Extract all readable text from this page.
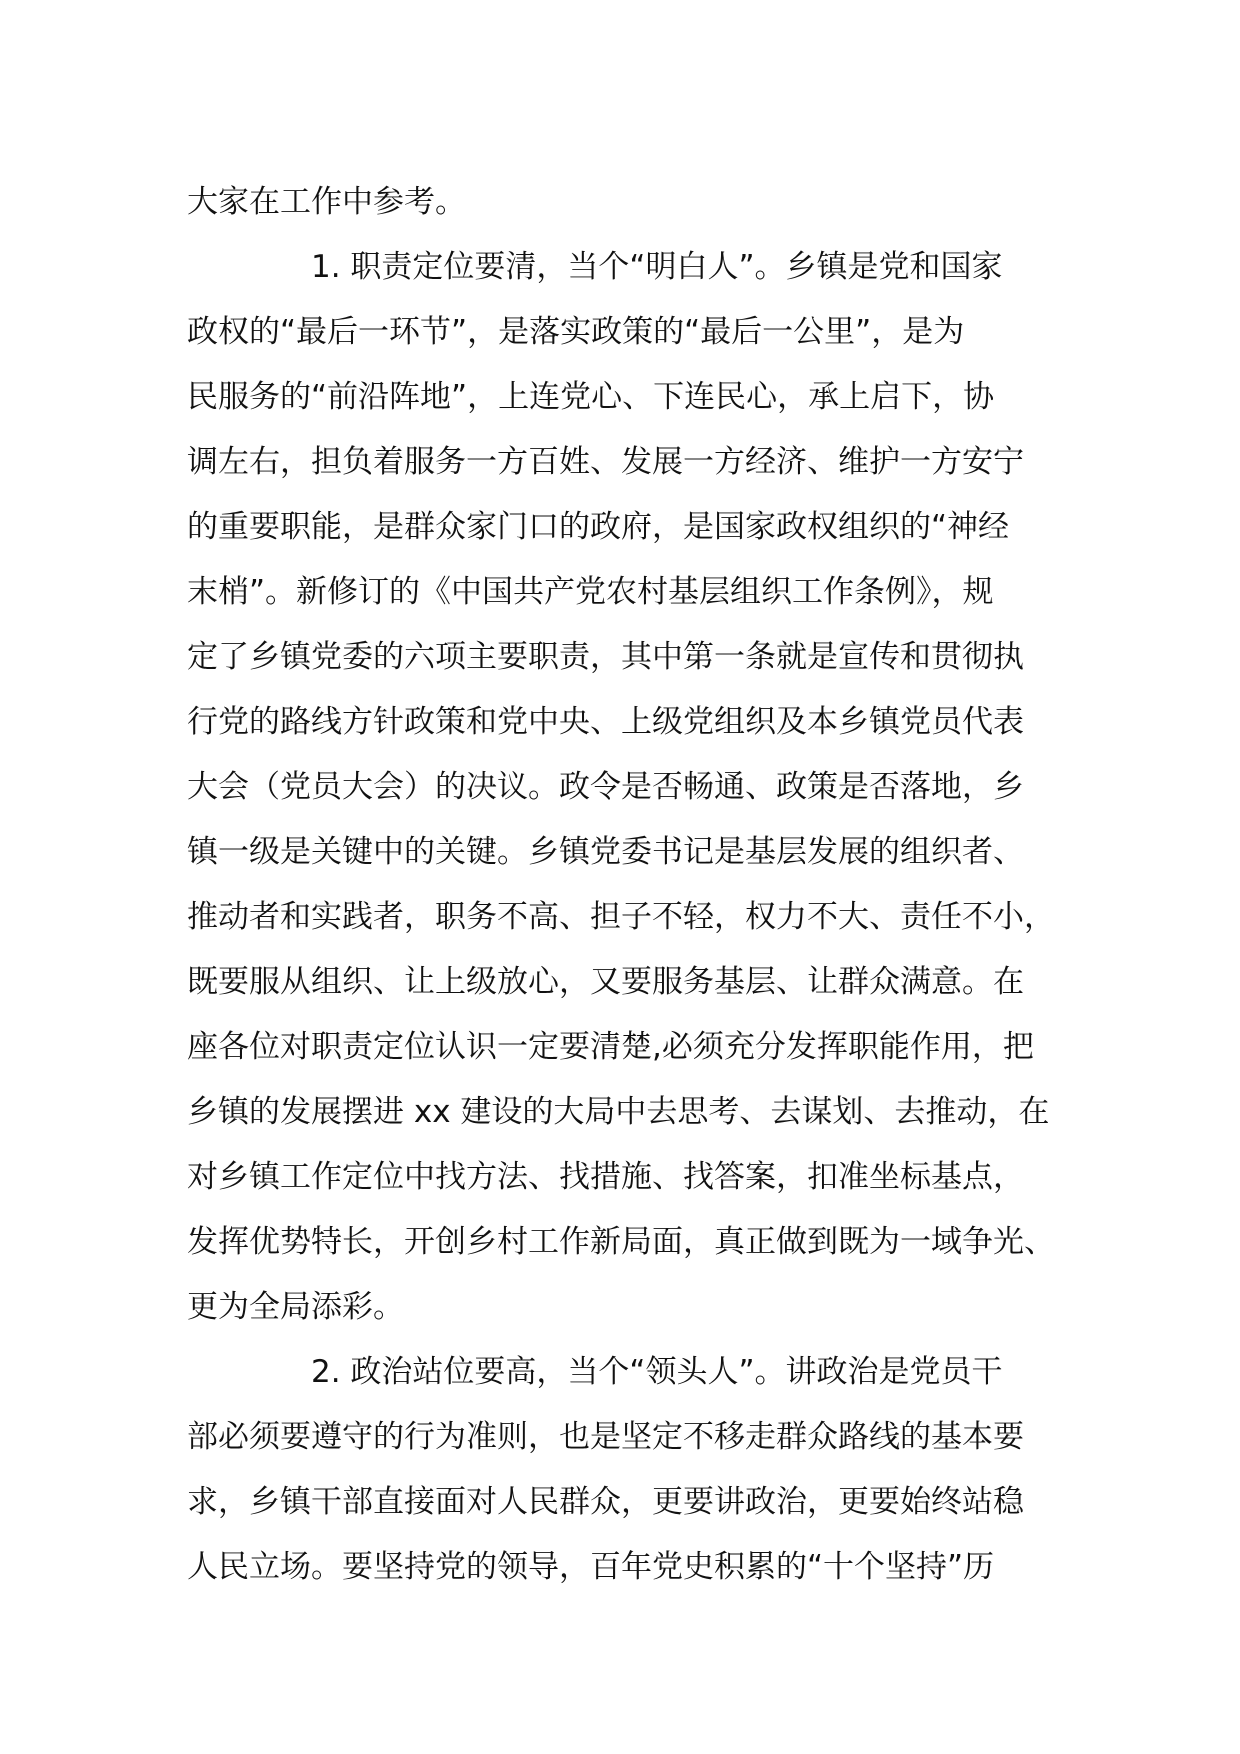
大家在工作中参考。
　　　　1. 职责定位要清，当个“明白人”。乡镇是党和国家
政权的“最后一环节”，是落实政策的“最后一公里”，是为
民服务的“前沿阵地”，上连党心、下连民心，承上启下，协
调左右，担负着服务一方百姓、发展一方经济、维护一方安宁
的重要职能，是群众家门口的政府，是国家政权组织的“神经
末梢”。新修订的《中国共产党农村基层组织工作条例》，规
定了乡镇党委的六项主要职责，其中第一条就是宣传和贯彻执
行党的路线方针政策和党中央、上级党组织及本乡镇党员代表
大会（党员大会）的决议。政令是否畅通、政策是否落地，乡
镇一级是关键中的关键。乡镇党委书记是基层发展的组织者、
推动者和实践者，职务不高、担子不轻，权力不大、责任不小，
既要服从组织、让上级放心，又要服务基层、让群众满意。在
座各位对职责定位认识一定要清楚,必须充分发挥职能作用，把
乡镇的发展摆进 xx 建设的大局中去思考、去谋划、去推动，在
对乡镇工作定位中找方法、找措施、找答案，扣准坐标基点，
发挥优势特长，开创乡村工作新局面，真正做到既为一域争光、
更为全局添彩。
　　　　2. 政治站位要高，当个“领头人”。讲政治是党员干
部必须要遵守的行为准则，也是坚定不移走群众路线的基本要
求，乡镇干部直接面对人民群众，更要讲政治，更要始终站稳
人民立场。要坚持党的领导，百年党史积累的“十个坚持”历
